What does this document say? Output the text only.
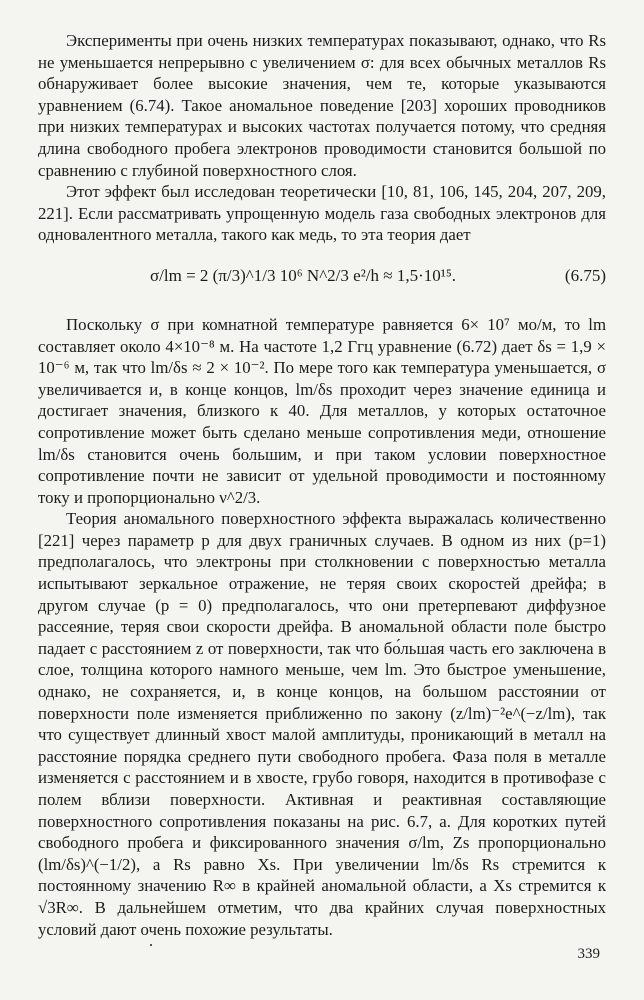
Эксперименты при очень низких температурах показывают, однако, что Rs не уменьшается непрерывно с увеличением σ: для всех обычных металлов Rs обнаруживает более высокие значения, чем те, которые указываются уравнением (6.74). Такое аномальное поведение [203] хороших проводников при низких температурах и высоких частотах получается потому, что средняя длина свободного пробега электронов проводимости становится большой по сравнению с глубиной поверхностного слоя.

Этот эффект был исследован теоретически [10, 81, 106, 145, 204, 207, 209, 221]. Если рассматривать упрощенную модель газа свободных электронов для одновалентного металла, такого как медь, то эта теория дает

σ/lm = 2 (π/3)^1/3 10⁶ N^2/3 e²/h ≈ 1,5·10¹⁵.	(6.75)

Поскольку σ при комнатной температуре равняется 6× 10⁷ мо/м, то lm составляет около 4×10⁻⁸ м. На частоте 1,2 Ггц уравнение (6.72) дает δs = 1,9 × 10⁻⁶ м, так что lm/δs ≈ 2 × 10⁻². По мере того как температура уменьшается, σ увеличивается и, в конце концов, lm/δs проходит через значение единица и достигает значения, близкого к 40. Для металлов, у которых остаточное сопротивление может быть сделано меньше сопротивления меди, отношение lm/δs становится очень большим, и при таком условии поверхностное сопротивление почти не зависит от удельной проводимости и постоянному току и пропорционально ν^2/3.

Теория аномального поверхностного эффекта выражалась количественно [221] через параметр p для двух граничных случаев. В одном из них (p=1) предполагалось, что электроны при столкновении с поверхностью металла испытывают зеркальное отражение, не теряя своих скоростей дрейфа; в другом случае (p = 0) предполагалось, что они претерпевают диффузное рассеяние, теряя свои скорости дрейфа. В аномальной области поле быстро падает с расстоянием z от поверхности, так что бо́льшая часть его заключена в слое, толщина которого намного меньше, чем lm. Это быстрое уменьшение, однако, не сохраняется, и, в конце концов, на большом расстоянии от поверхности поле изменяется приближенно по закону (z/lm)⁻²e^(−z/lm), так что существует длинный хвост малой амплитуды, проникающий в металл на расстояние порядка среднего пути свободного пробега. Фаза поля в металле изменяется с расстоянием и в хвосте, грубо говоря, находится в противофазе с полем вблизи поверхности. Активная и реактивная составляющие поверхностного сопротивления показаны на рис. 6.7, а. Для коротких путей свободного пробега и фиксированного значения σ/lm, Zs пропорционально (lm/δs)^(−1/2), а Rs равно Xs. При увеличении lm/δs Rs стремится к постоянному значению R∞ в крайней аномальной области, а Xs стремится к √3R∞. В дальнейшем отметим, что два крайних случая поверхностных условий дают очень похожие результаты.

339
